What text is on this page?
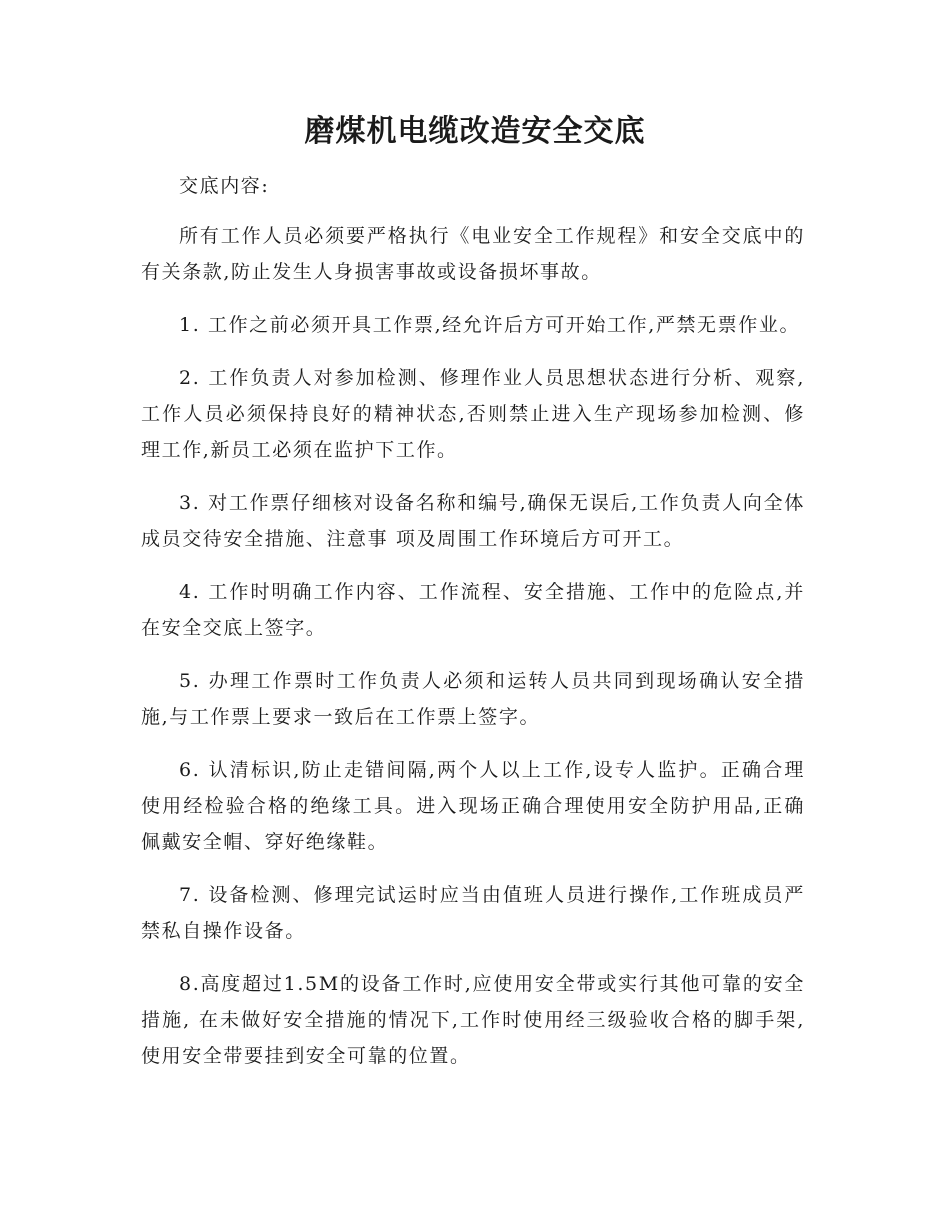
磨煤机电缆改造安全交底

交底内容:

所有工作人员必须要严格执行《电业安全工作规程》和安全交底中的有关条款,防止发生人身损害事故或设备损坏事故。

1. 工作之前必须开具工作票,经允许后方可开始工作,严禁无票作业。

2. 工作负责人对参加检测、修理作业人员思想状态进行分析、观察,工作人员必须保持良好的精神状态,否则禁止进入生产现场参加检测、修理工作,新员工必须在监护下工作。

3. 对工作票仔细核对设备名称和编号,确保无误后,工作负责人向全体成员交待安全措施、注意事 项及周围工作环境后方可开工。

4. 工作时明确工作内容、工作流程、安全措施、工作中的危险点,并在安全交底上签字。

5. 办理工作票时工作负责人必须和运转人员共同到现场确认安全措施,与工作票上要求一致后在工作票上签字。

6. 认清标识,防止走错间隔,两个人以上工作,设专人监护。正确合理使用经检验合格的绝缘工具。进入现场正确合理使用安全防护用品,正确佩戴安全帽、穿好绝缘鞋。

7. 设备检测、修理完试运时应当由值班人员进行操作,工作班成员严禁私自操作设备。

8.高度超过1.5M的设备工作时,应使用安全带或实行其他可靠的安全措施, 在未做好安全措施的情况下,工作时使用经三级验收合格的脚手架,使用安全带要挂到安全可靠的位置。
